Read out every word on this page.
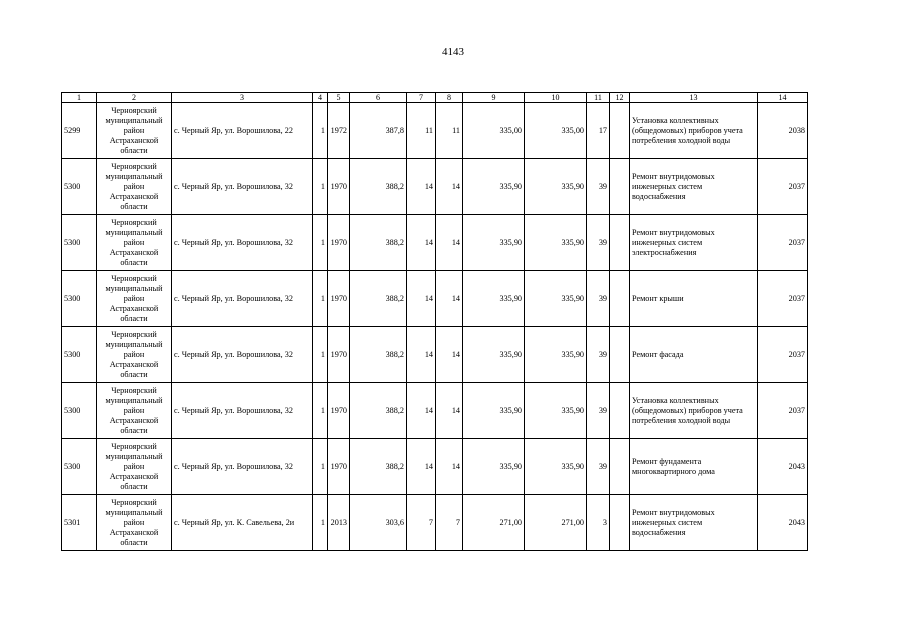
4143
1	2	3	4	5	6	7	8	9	10	11	12	13	14
5299	Черноярский муниципальный район Астраханской области	с. Черный Яр, ул. Ворошилова, 22	1	1972	387,8	11	11	335,00	335,00	17		Установка коллективных (общедомовых) приборов учета потребления холодной воды	2038
5300	Черноярский муниципальный район Астраханской области	с. Черный Яр, ул. Ворошилова, 32	1	1970	388,2	14	14	335,90	335,90	39		Ремонт внутридомовых инженерных систем водоснабжения	2037
5300	Черноярский муниципальный район Астраханской области	с. Черный Яр, ул. Ворошилова, 32	1	1970	388,2	14	14	335,90	335,90	39		Ремонт внутридомовых инженерных систем электроснабжения	2037
5300	Черноярский муниципальный район Астраханской области	с. Черный Яр, ул. Ворошилова, 32	1	1970	388,2	14	14	335,90	335,90	39		Ремонт крыши	2037
5300	Черноярский муниципальный район Астраханской области	с. Черный Яр, ул. Ворошилова, 32	1	1970	388,2	14	14	335,90	335,90	39		Ремонт фасада	2037
5300	Черноярский муниципальный район Астраханской области	с. Черный Яр, ул. Ворошилова, 32	1	1970	388,2	14	14	335,90	335,90	39		Установка коллективных (общедомовых) приборов учета потребления холодной воды	2037
5300	Черноярский муниципальный район Астраханской области	с. Черный Яр, ул. Ворошилова, 32	1	1970	388,2	14	14	335,90	335,90	39		Ремонт фундамента многоквартирного дома	2043
5301	Черноярский муниципальный район Астраханской области	с. Черный Яр, ул. К. Савельева, 2и	1	2013	303,6	7	7	271,00	271,00	3		Ремонт внутридомовых инженерных систем водоснабжения	2043
